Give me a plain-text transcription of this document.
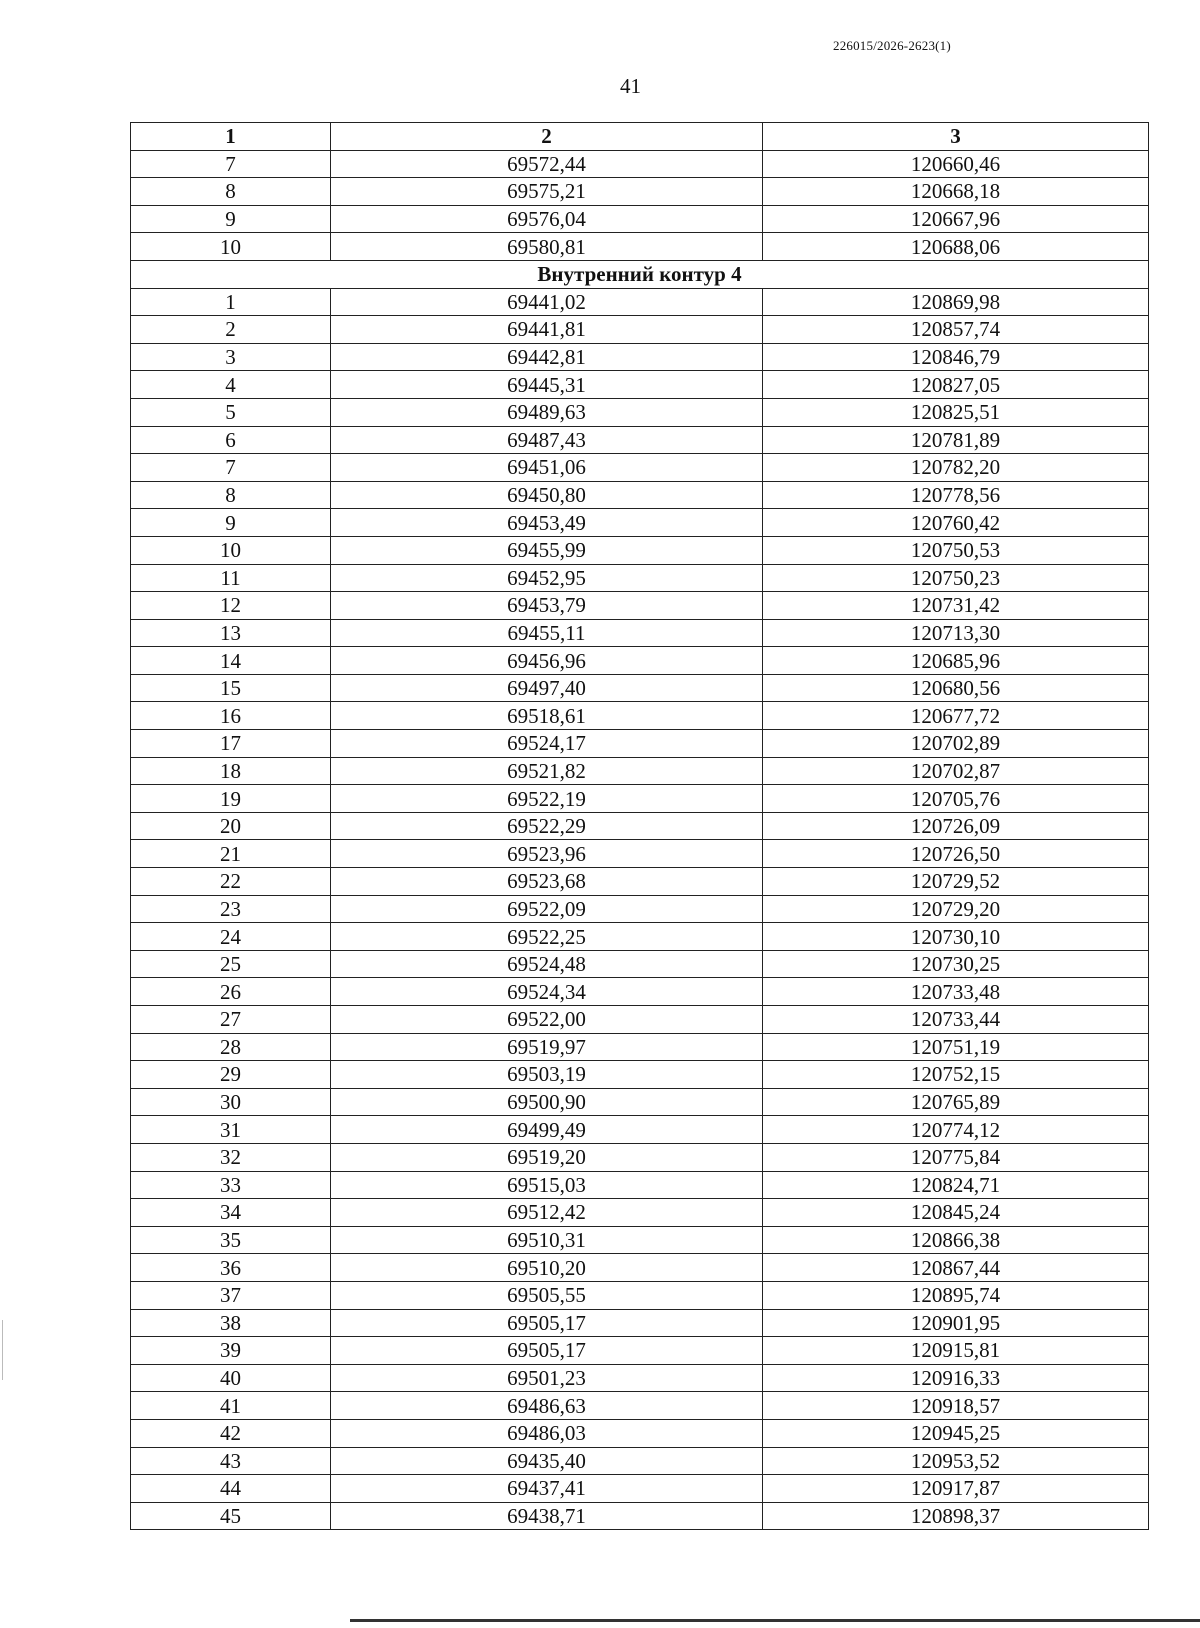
226015/2026-2623(1)
41
1	2	3
7	69572,44	120660,46
8	69575,21	120668,18
9	69576,04	120667,96
10	69580,81	120688,06
Внутренний контур 4		
1	69441,02	120869,98
2	69441,81	120857,74
3	69442,81	120846,79
4	69445,31	120827,05
5	69489,63	120825,51
6	69487,43	120781,89
7	69451,06	120782,20
8	69450,80	120778,56
9	69453,49	120760,42
10	69455,99	120750,53
11	69452,95	120750,23
12	69453,79	120731,42
13	69455,11	120713,30
14	69456,96	120685,96
15	69497,40	120680,56
16	69518,61	120677,72
17	69524,17	120702,89
18	69521,82	120702,87
19	69522,19	120705,76
20	69522,29	120726,09
21	69523,96	120726,50
22	69523,68	120729,52
23	69522,09	120729,20
24	69522,25	120730,10
25	69524,48	120730,25
26	69524,34	120733,48
27	69522,00	120733,44
28	69519,97	120751,19
29	69503,19	120752,15
30	69500,90	120765,89
31	69499,49	120774,12
32	69519,20	120775,84
33	69515,03	120824,71
34	69512,42	120845,24
35	69510,31	120866,38
36	69510,20	120867,44
37	69505,55	120895,74
38	69505,17	120901,95
39	69505,17	120915,81
40	69501,23	120916,33
41	69486,63	120918,57
42	69486,03	120945,25
43	69435,40	120953,52
44	69437,41	120917,87
45	69438,71	120898,37
